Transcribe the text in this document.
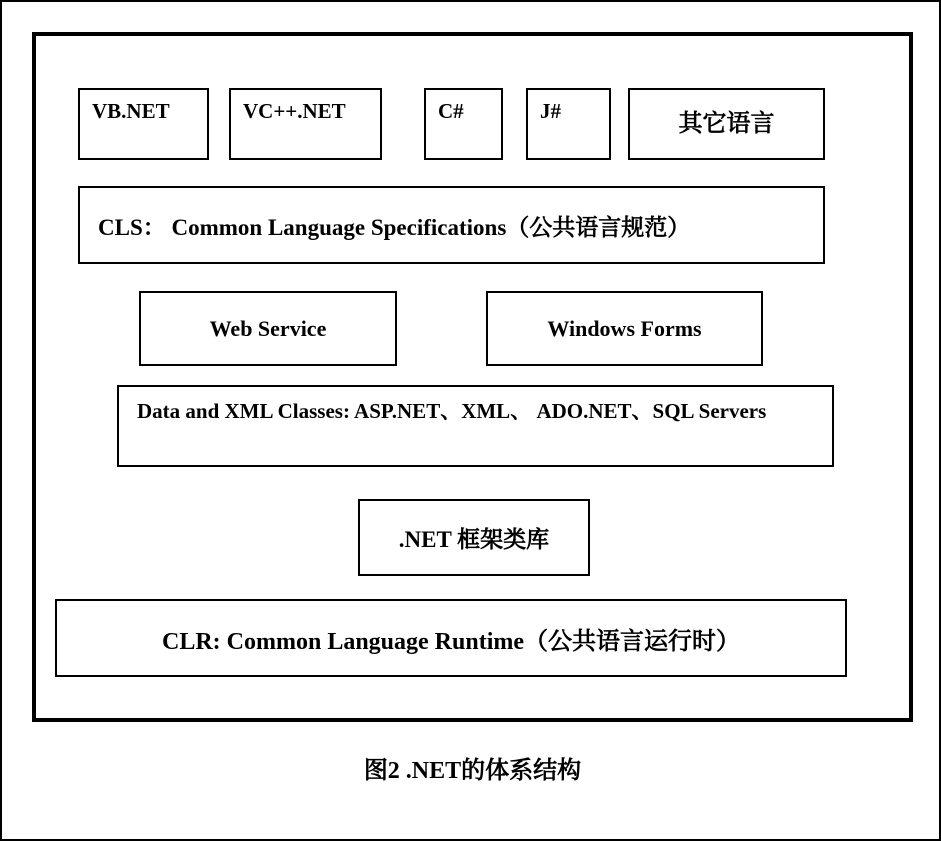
VB.NET	VC++.NET	C#	J#	其它语言
CLS： Common Language Specifications（公共语言规范）
Web Service	Windows Forms
Data and XML Classes: ASP.NET、XML、 ADO.NET、SQL Servers
.NET 框架类库
CLR: Common Language Runtime（公共语言运行时）
图2 .NET的体系结构
